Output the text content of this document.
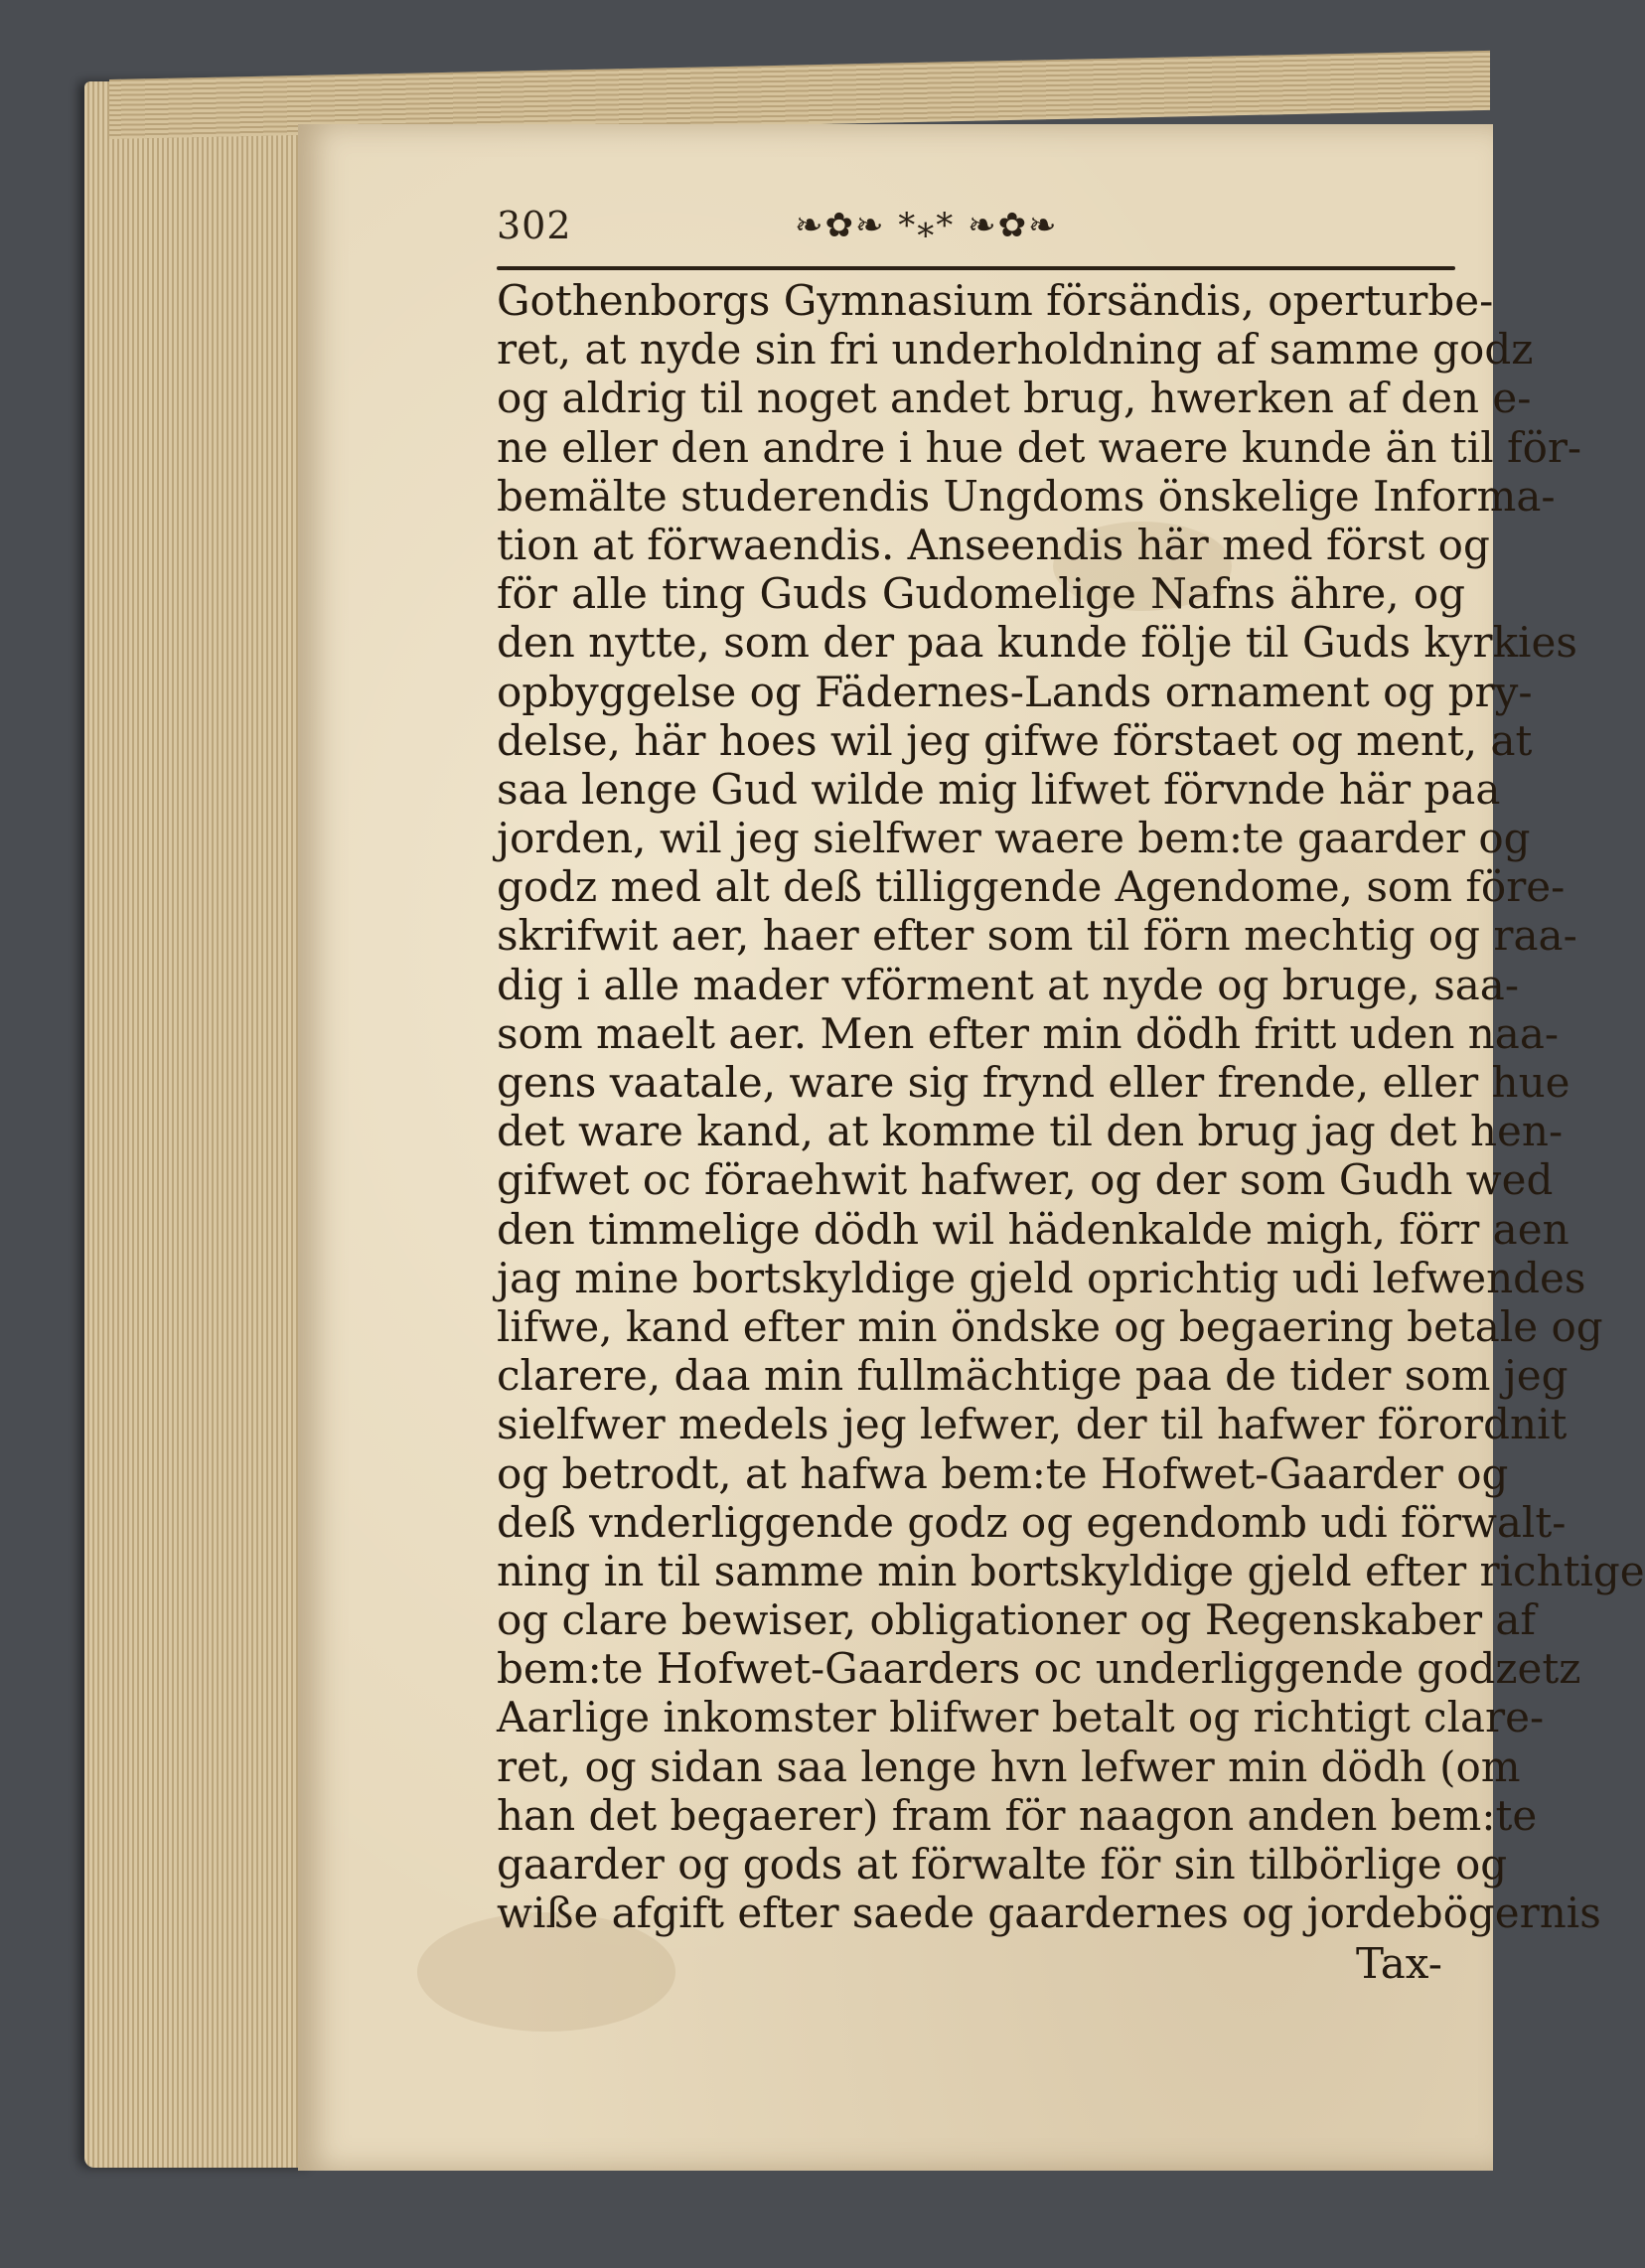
302	❧✿❧ *⁎* ❧✿❧
Gothenborgs Gymnasium försändis, operturbe-
ret, at nyde sin fri underholdning af samme godz
og aldrig til noget andet brug, hwerken af den e-
ne eller den andre i hue det waere kunde än til för-
bemälte studerendis Ungdoms önskelige Informa-
tion at förwaendis. Anseendis här med först og
för alle ting Guds Gudomelige Nafns ähre, og
den nytte, som der paa kunde följe til Guds kyrkies
opbyggelse og Fädernes-Lands ornament og pry-
delse, här hoes wil jeg gifwe förstaet og ment, at
saa lenge Gud wilde mig lifwet förvnde här paa
jorden, wil jeg sielfwer waere bem:te gaarder og
godz med alt deß tilliggende Agendome, som före-
skrifwit aer, haer efter som til förn mechtig og raa-
dig i alle mader vförment at nyde og bruge, saa-
som maelt aer. Men efter min dödh fritt uden naa-
gens vaatale, ware sig frynd eller frende, eller hue
det ware kand, at komme til den brug jag det hen-
gifwet oc föraehwit hafwer, og der som Gudh wed
den timmelige dödh wil hädenkalde migh, förr aen
jag mine bortskyldige gjeld oprichtig udi lefwendes
lifwe, kand efter min öndske og begaering betale og
clarere, daa min fullmächtige paa de tider som jeg
sielfwer medels jeg lefwer, der til hafwer förordnit
og betrodt, at hafwa bem:te Hofwet-Gaarder og
deß vnderliggende godz og egendomb udi förwalt-
ning in til samme min bortskyldige gjeld efter richtige
og clare bewiser, obligationer og Regenskaber af
bem:te Hofwet-Gaarders oc underliggende godzetz
Aarlige inkomster blifwer betalt og richtigt clare-
ret, og sidan saa lenge hvn lefwer min dödh (om
han det begaerer) fram för naagon anden bem:te
gaarder og gods at förwalte för sin tilbörlige og
wiße afgift efter saede gaardernes og jordebögernis
Tax-
